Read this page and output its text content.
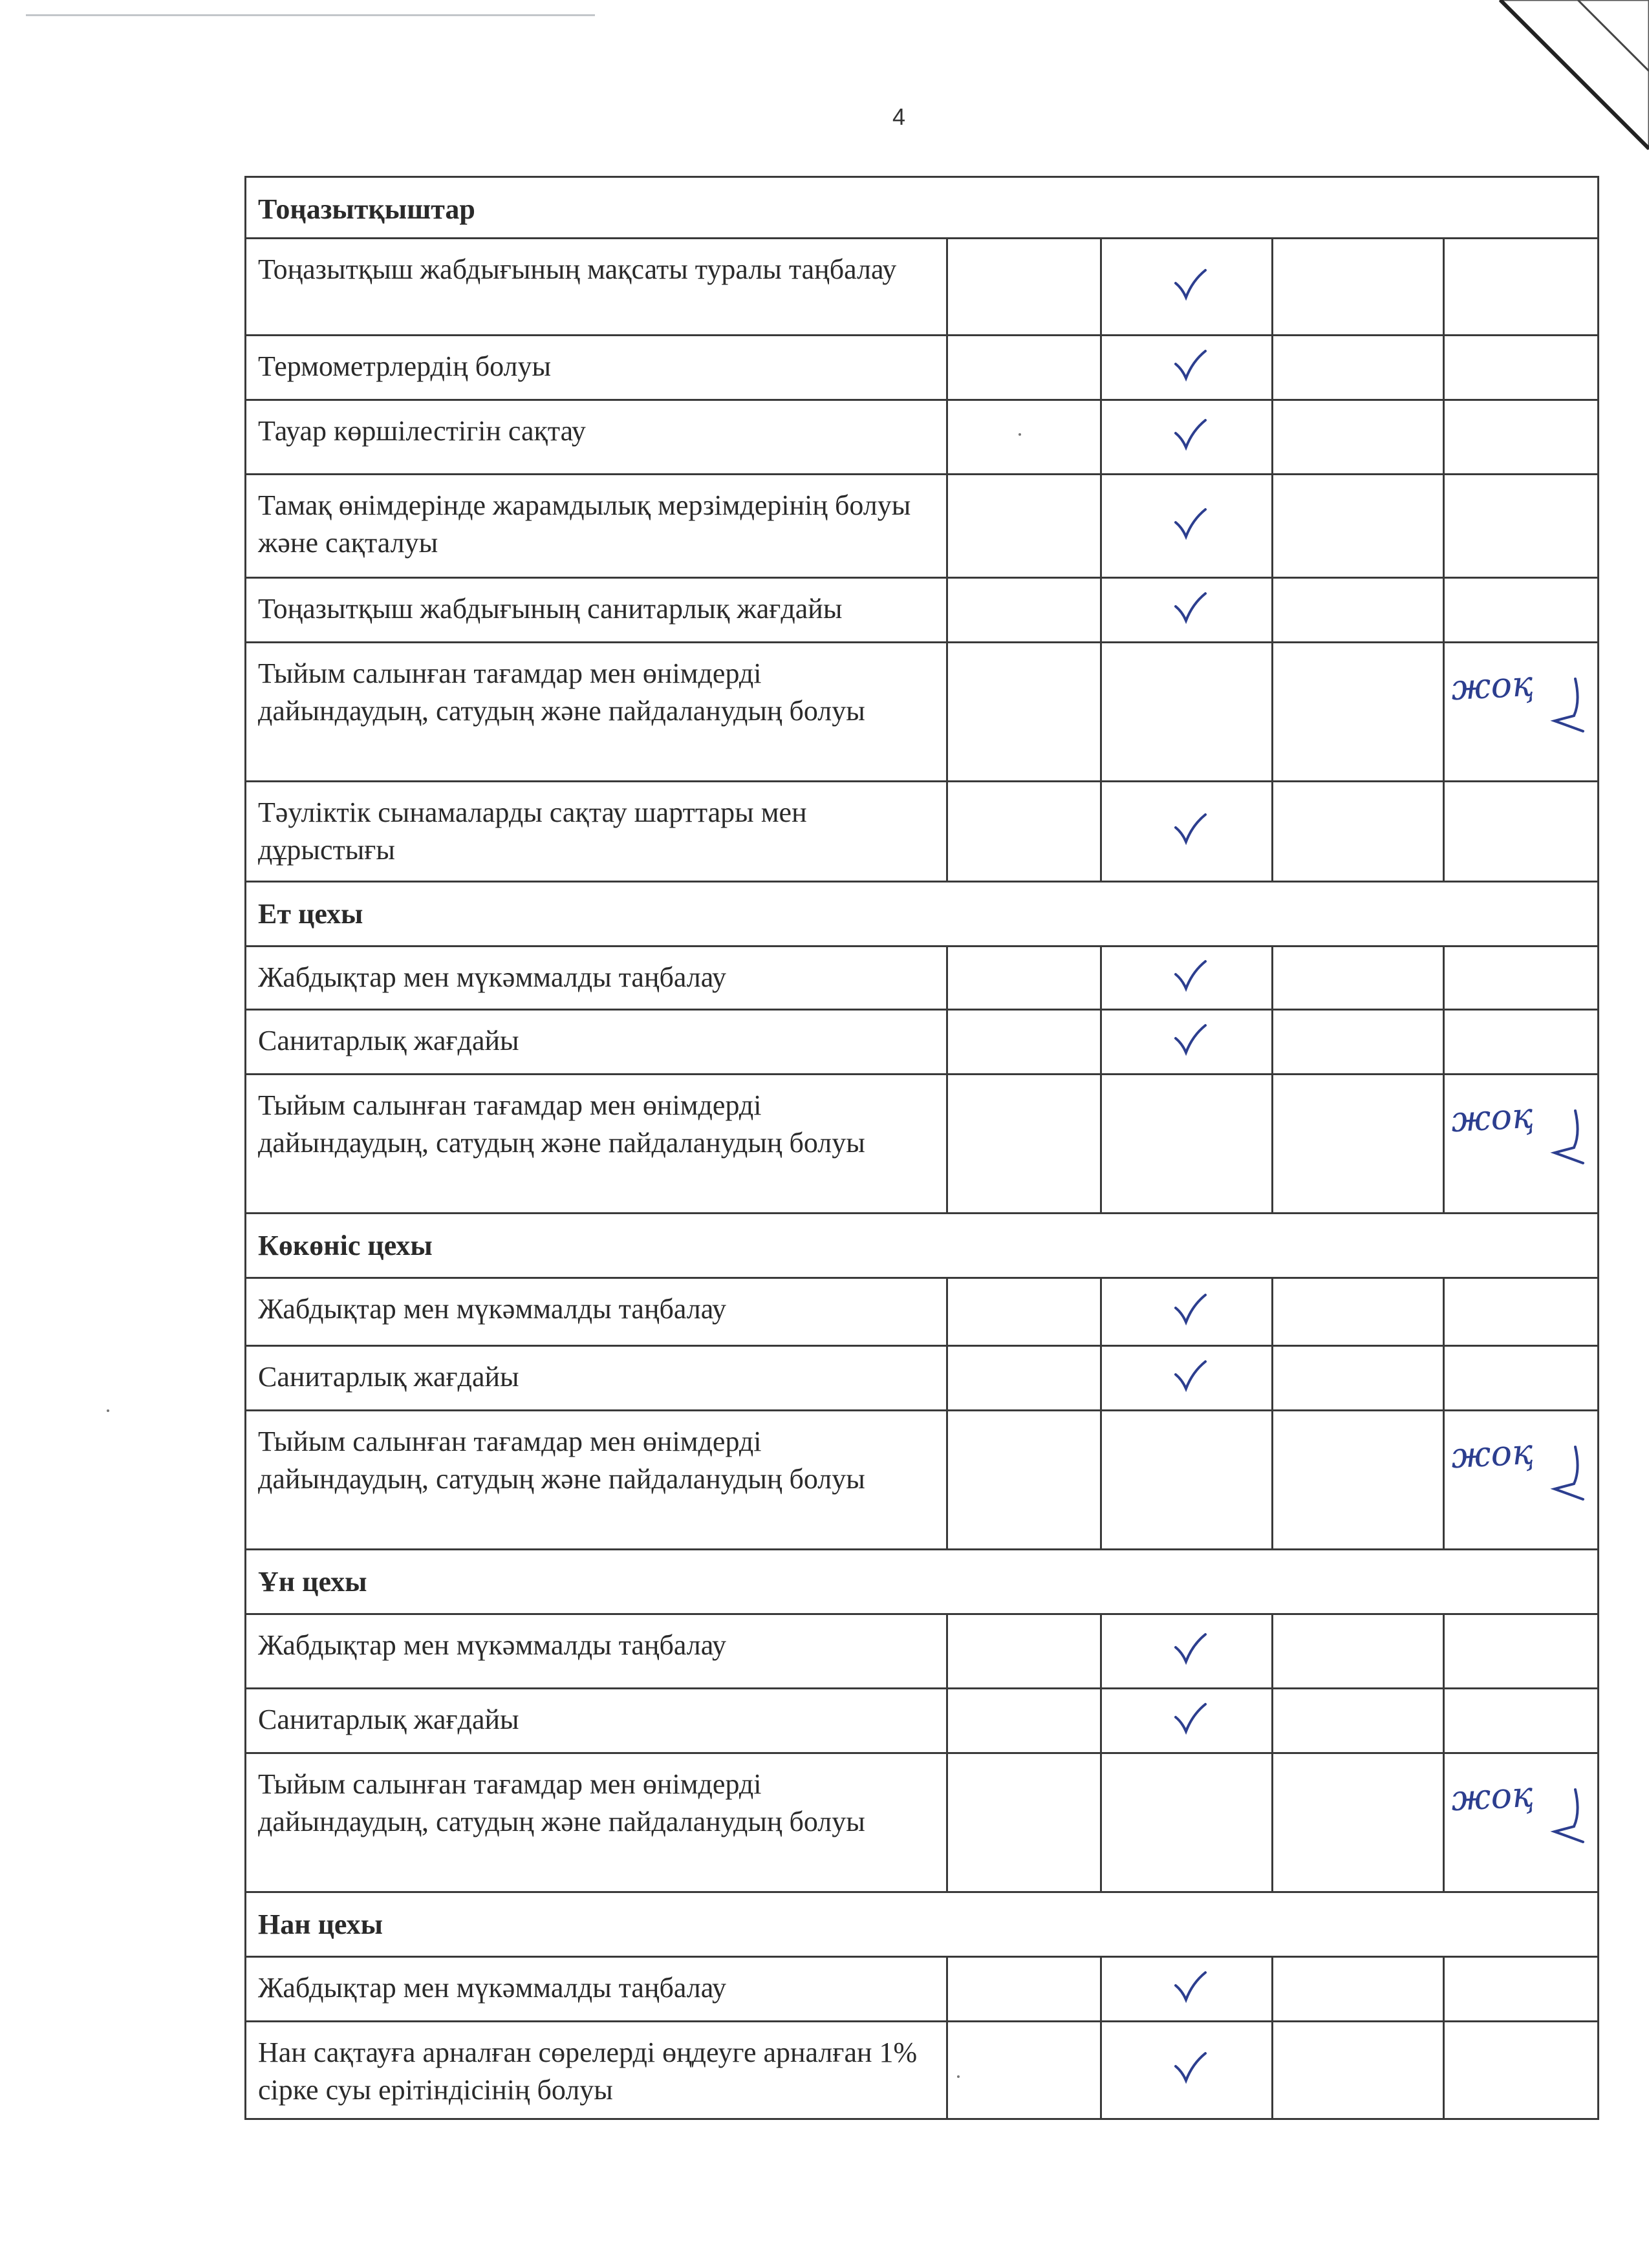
4
Тоңазытқыштар				
Тоңазытқыш жабдығының мақсаты туралы таңбалау		

Термометрлердің болуы		

Тауар көршілестігін сақтау		

Тамақ өнімдерінде жарамдылық мерзімдерінің болуы және сақталуы		

Тоңазытқыш жабдығының санитарлық жағдайы		

Тыйым салынған тағамдар мен өнімдерді дайындаудың, сатудың және пайдаланудың болуы				жоқ

Тәуліктік сынамаларды сақтау шарттары мен дұрыстығы		

Ет цехы				
Жабдықтар мен мүкәммалды таңбалау		

Санитарлық жағдайы		

Тыйым салынған тағамдар мен өнімдерді дайындаудың, сатудың және пайдаланудың болуы				жоқ

Көкөніс цехы				
Жабдықтар мен мүкәммалды таңбалау		

Санитарлық жағдайы		

Тыйым салынған тағамдар мен өнімдерді дайындаудың, сатудың және пайдаланудың болуы				жоқ

Ұн цехы				
Жабдықтар мен мүкәммалды таңбалау		

Санитарлық жағдайы		

Тыйым салынған тағамдар мен өнімдерді дайындаудың, сатудың және пайдаланудың болуы				жоқ

Нан цехы				
Жабдықтар мен мүкәммалды таңбалау		

Нан сақтауға арналған сөрелерді өңдеуге арналған 1% сірке суы ерітіндісінің болуы		
